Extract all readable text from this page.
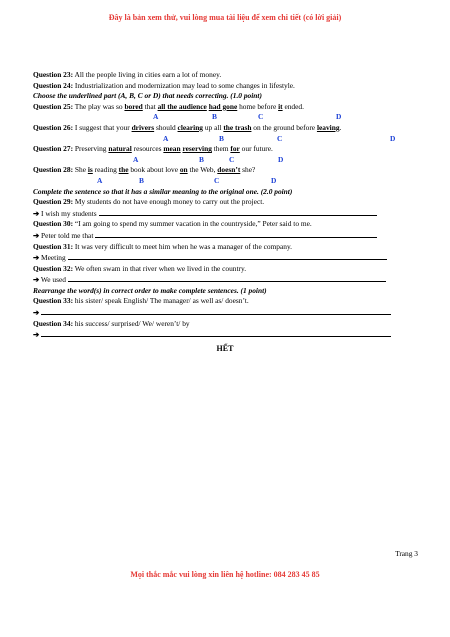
Đây là bản xem thử, vui lòng mua tài liệu để xem chi tiết (có lời giải)
Question 23: All the people living in cities earn a lot of money.
Question 24: Industrialization and modernization may lead to some changes in lifestyle.
Choose the underlined part (A, B, C or D) that needs correcting. (1.0 point)
Question 25: The play was so bored that all the audience had gone home before it ended.
A	B	C	D
Question 26: I suggest that your drivers should clearing up all the trash on the ground before leaving.
A	B	C	D
Question 27: Preserving natural resources mean reserving them for our future.
A	B	C	D
Question 28: She is reading the book about love on the Web, doesn’t she?
A	B	C	D
Complete the sentence so that it has a similar meaning to the original one. (2.0 point)
Question 29: My students do not have enough money to carry out the project.
➔ I wish my students
Question 30: “I am going to spend my summer vacation in the countryside,” Peter said to me.
➔ Peter told me that
Question 31: It was very difficult to meet him when he was a manager of the company.
➔ Meeting
Question 32: We often swam in that river when we lived in the country.
➔ We used
Rearrange the word(s) in correct order to make complete sentences. (1 point)
Question 33: his sister/ speak English/ The manager/ as well as/ doesn’t.
➔
Question 34: his success/ surprised/ We/ weren’t/ by
➔
HẾT
Trang 3
Mọi thắc mắc vui lòng xin liên hệ hotline: 084 283 45 85
